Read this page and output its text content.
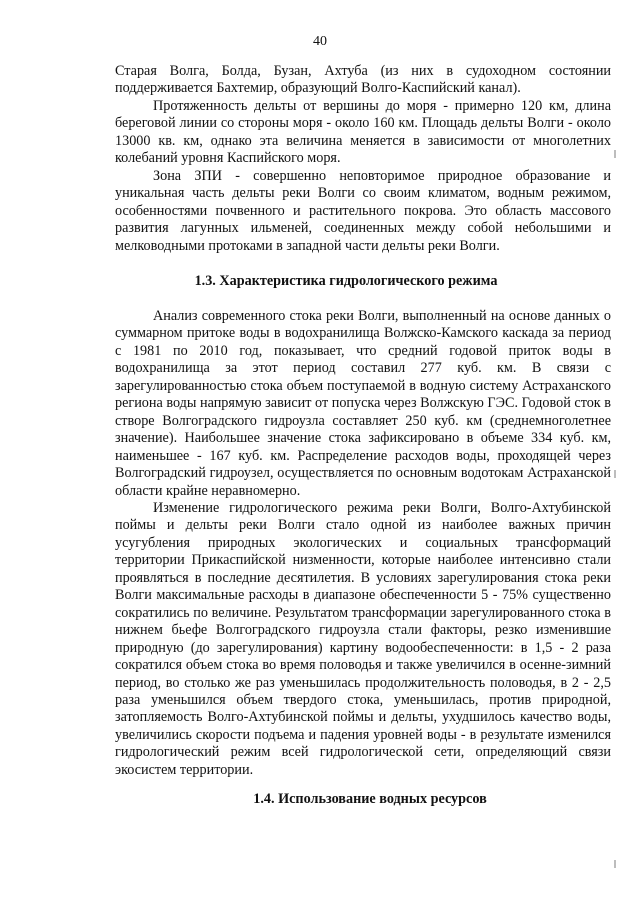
40

Старая Волга, Болда, Бузан, Ахтуба (из них в судоходном состоянии поддерживается Бахтемир, образующий Волго-Каспийский канал).

Протяженность дельты от вершины до моря - примерно 120 км, длина береговой линии со стороны моря - около 160 км. Площадь дельты Волги - около 13000 кв. км, однако эта величина меняется в зависимости от многолетних колебаний уровня Каспийского моря.

Зона ЗПИ - совершенно неповторимое природное образование и уникальная часть дельты реки Волги со своим климатом, водным режимом, особенностями почвенного и растительного покрова. Это область массового развития лагунных ильменей, соединенных между собой небольшими и мелководными протоками в западной части дельты реки Волги.

1.3. Характеристика гидрологического режима

Анализ современного стока реки Волги, выполненный на основе данных о суммарном притоке воды в водохранилища Волжско-Камского каскада за период с 1981 по 2010 год, показывает, что средний годовой приток воды в водохранилища за этот период составил 277 куб. км. В связи с зарегулированностью стока объем поступаемой в водную систему Астраханского региона воды напрямую зависит от попуска через Волжскую ГЭС. Годовой сток в створе Волгоградского гидроузла составляет 250 куб. км (среднемноголетнее значение). Наибольшее значение стока зафиксировано в объеме 334 куб. км, наименьшее - 167 куб. км. Распределение расходов воды, проходящей через Волгоградский гидроузел, осуществляется по основным водотокам Астраханской области крайне неравномерно.

Изменение гидрологического режима реки Волги, Волго-Ахтубинской поймы и дельты реки Волги стало одной из наиболее важных причин усугубления природных экологических и социальных трансформаций территории Прикаспийской низменности, которые наиболее интенсивно стали проявляться в последние десятилетия. В условиях зарегулирования стока реки Волги максимальные расходы в диапазоне обеспеченности 5 - 75% существенно сократились по величине. Результатом трансформации зарегулированного стока в нижнем бьефе Волгоградского гидроузла стали факторы, резко изменившие природную (до зарегулирования) картину водообеспеченности: в 1,5 - 2 раза сократился объем стока во время половодья и также увеличился в осенне-зимний период, во столько же раз уменьшилась продолжительность половодья, в 2 - 2,5 раза уменьшился объем твердого стока, уменьшилась, против природной, затопляемость Волго-Ахтубинской поймы и дельты, ухудшилось качество воды, увеличились скорости подъема и падения уровней воды - в результате изменился гидрологический режим всей гидрологической сети, определяющий связи экосистем территории.

1.4. Использование водных ресурсов
